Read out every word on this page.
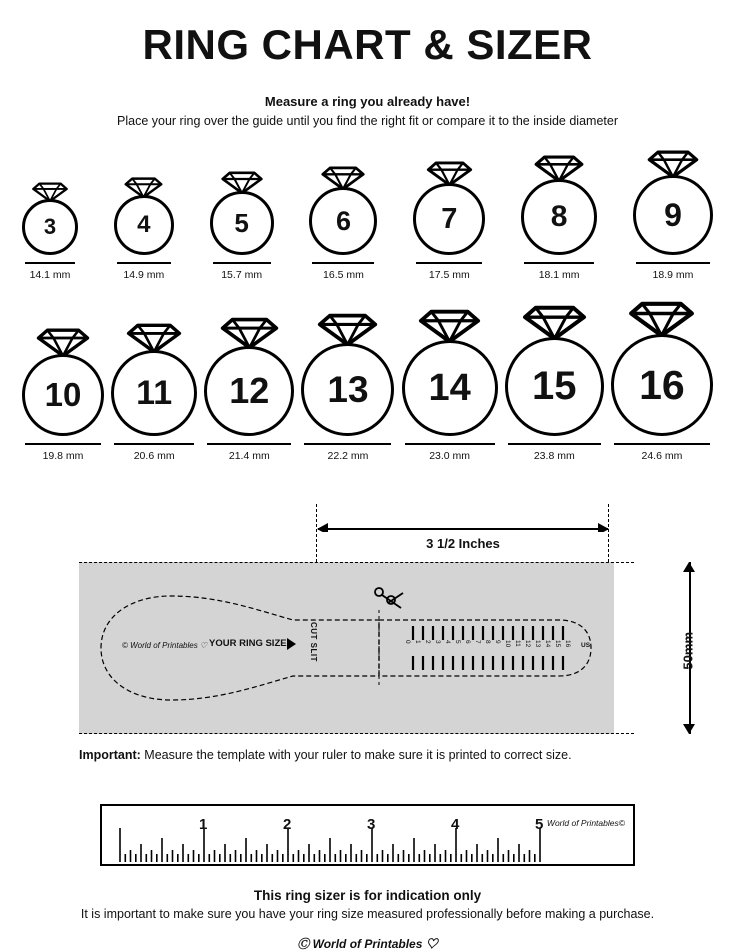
RING CHART & SIZER
Measure a ring you already have!
Place your ring over the guide until you find the right fit or compare it to the inside diameter
3
14.1 mm
4
14.9 mm
5
15.7 mm
6
16.5 mm
7
17.5 mm
8
18.1 mm
9
18.9 mm
10
19.8 mm
11
20.6 mm
12
21.4 mm
13
22.2 mm
14
23.0 mm
15
23.8 mm
16
24.6 mm
3 1/2 Inches
0 1 2 3 4 5 6 7 8 9 10 11 12 13 14 15 16 US
© World of Printables ♡ YOUR RING SIZE	CUT SLIT	50mm
Important: Measure the template with your ruler to make sure it is printed to correct size.
1	2	3	4	5 World of Printables©
This ring sizer is for indication only
It is important to make sure you have your ring size measured professionally before making a purchase.
Ⓒ World of Printables ♡
